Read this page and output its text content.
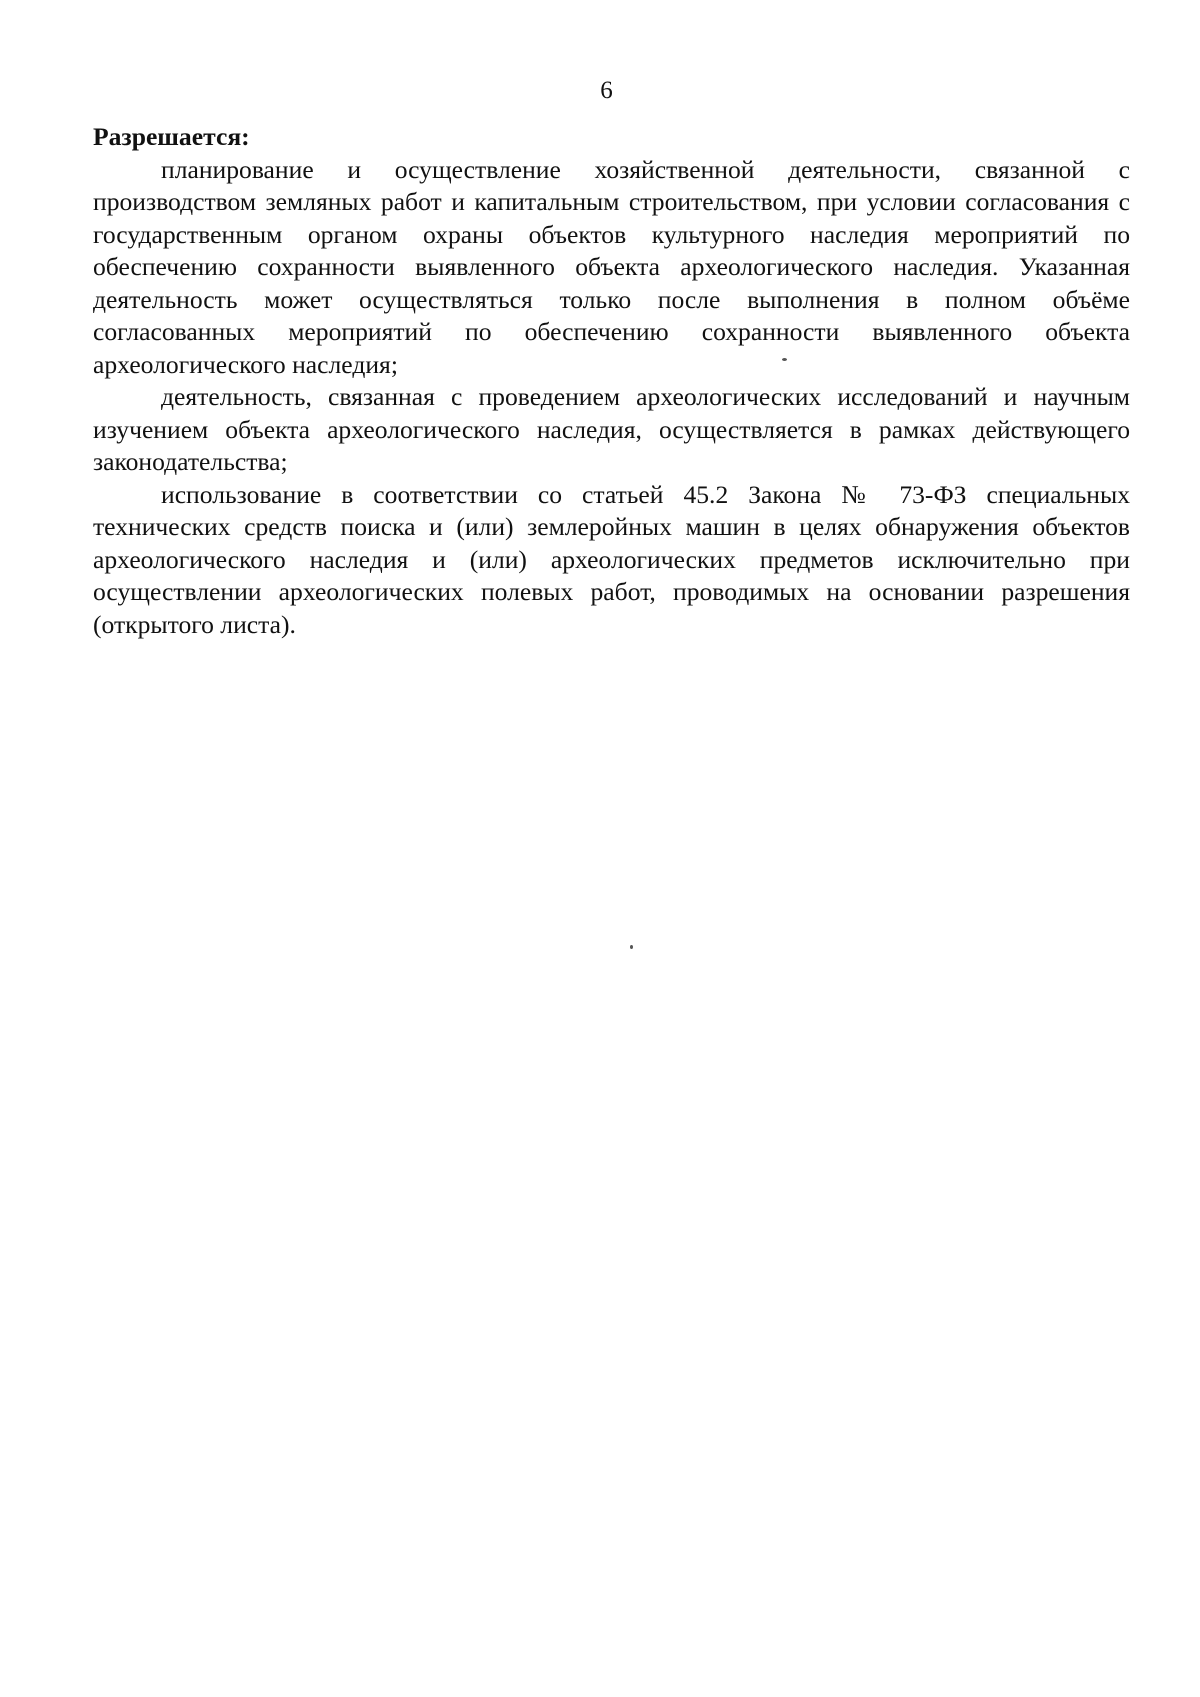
6

Разрешается:

планирование и осуществление хозяйственной деятельности, связанной с производством земляных работ и капитальным строительством, при условии согласования с государственным органом охраны объектов культурного наследия мероприятий по обеспечению сохранности выявленного объекта археологического наследия. Указанная деятельность может осуществляться только после выполнения в полном объёме согласованных мероприятий по обеспечению сохранности выявленного объекта археологического наследия;

деятельность, связанная с проведением археологических исследований и научным изучением объекта археологического наследия, осуществляется в рамках действующего законодательства;

использование в соответствии со статьей 45.2 Закона № 73-ФЗ специальных технических средств поиска и (или) землеройных машин в целях обнаружения объектов археологического наследия и (или) археологических предметов исключительно при осуществлении археологических полевых работ, проводимых на основании разрешения (открытого листа).
